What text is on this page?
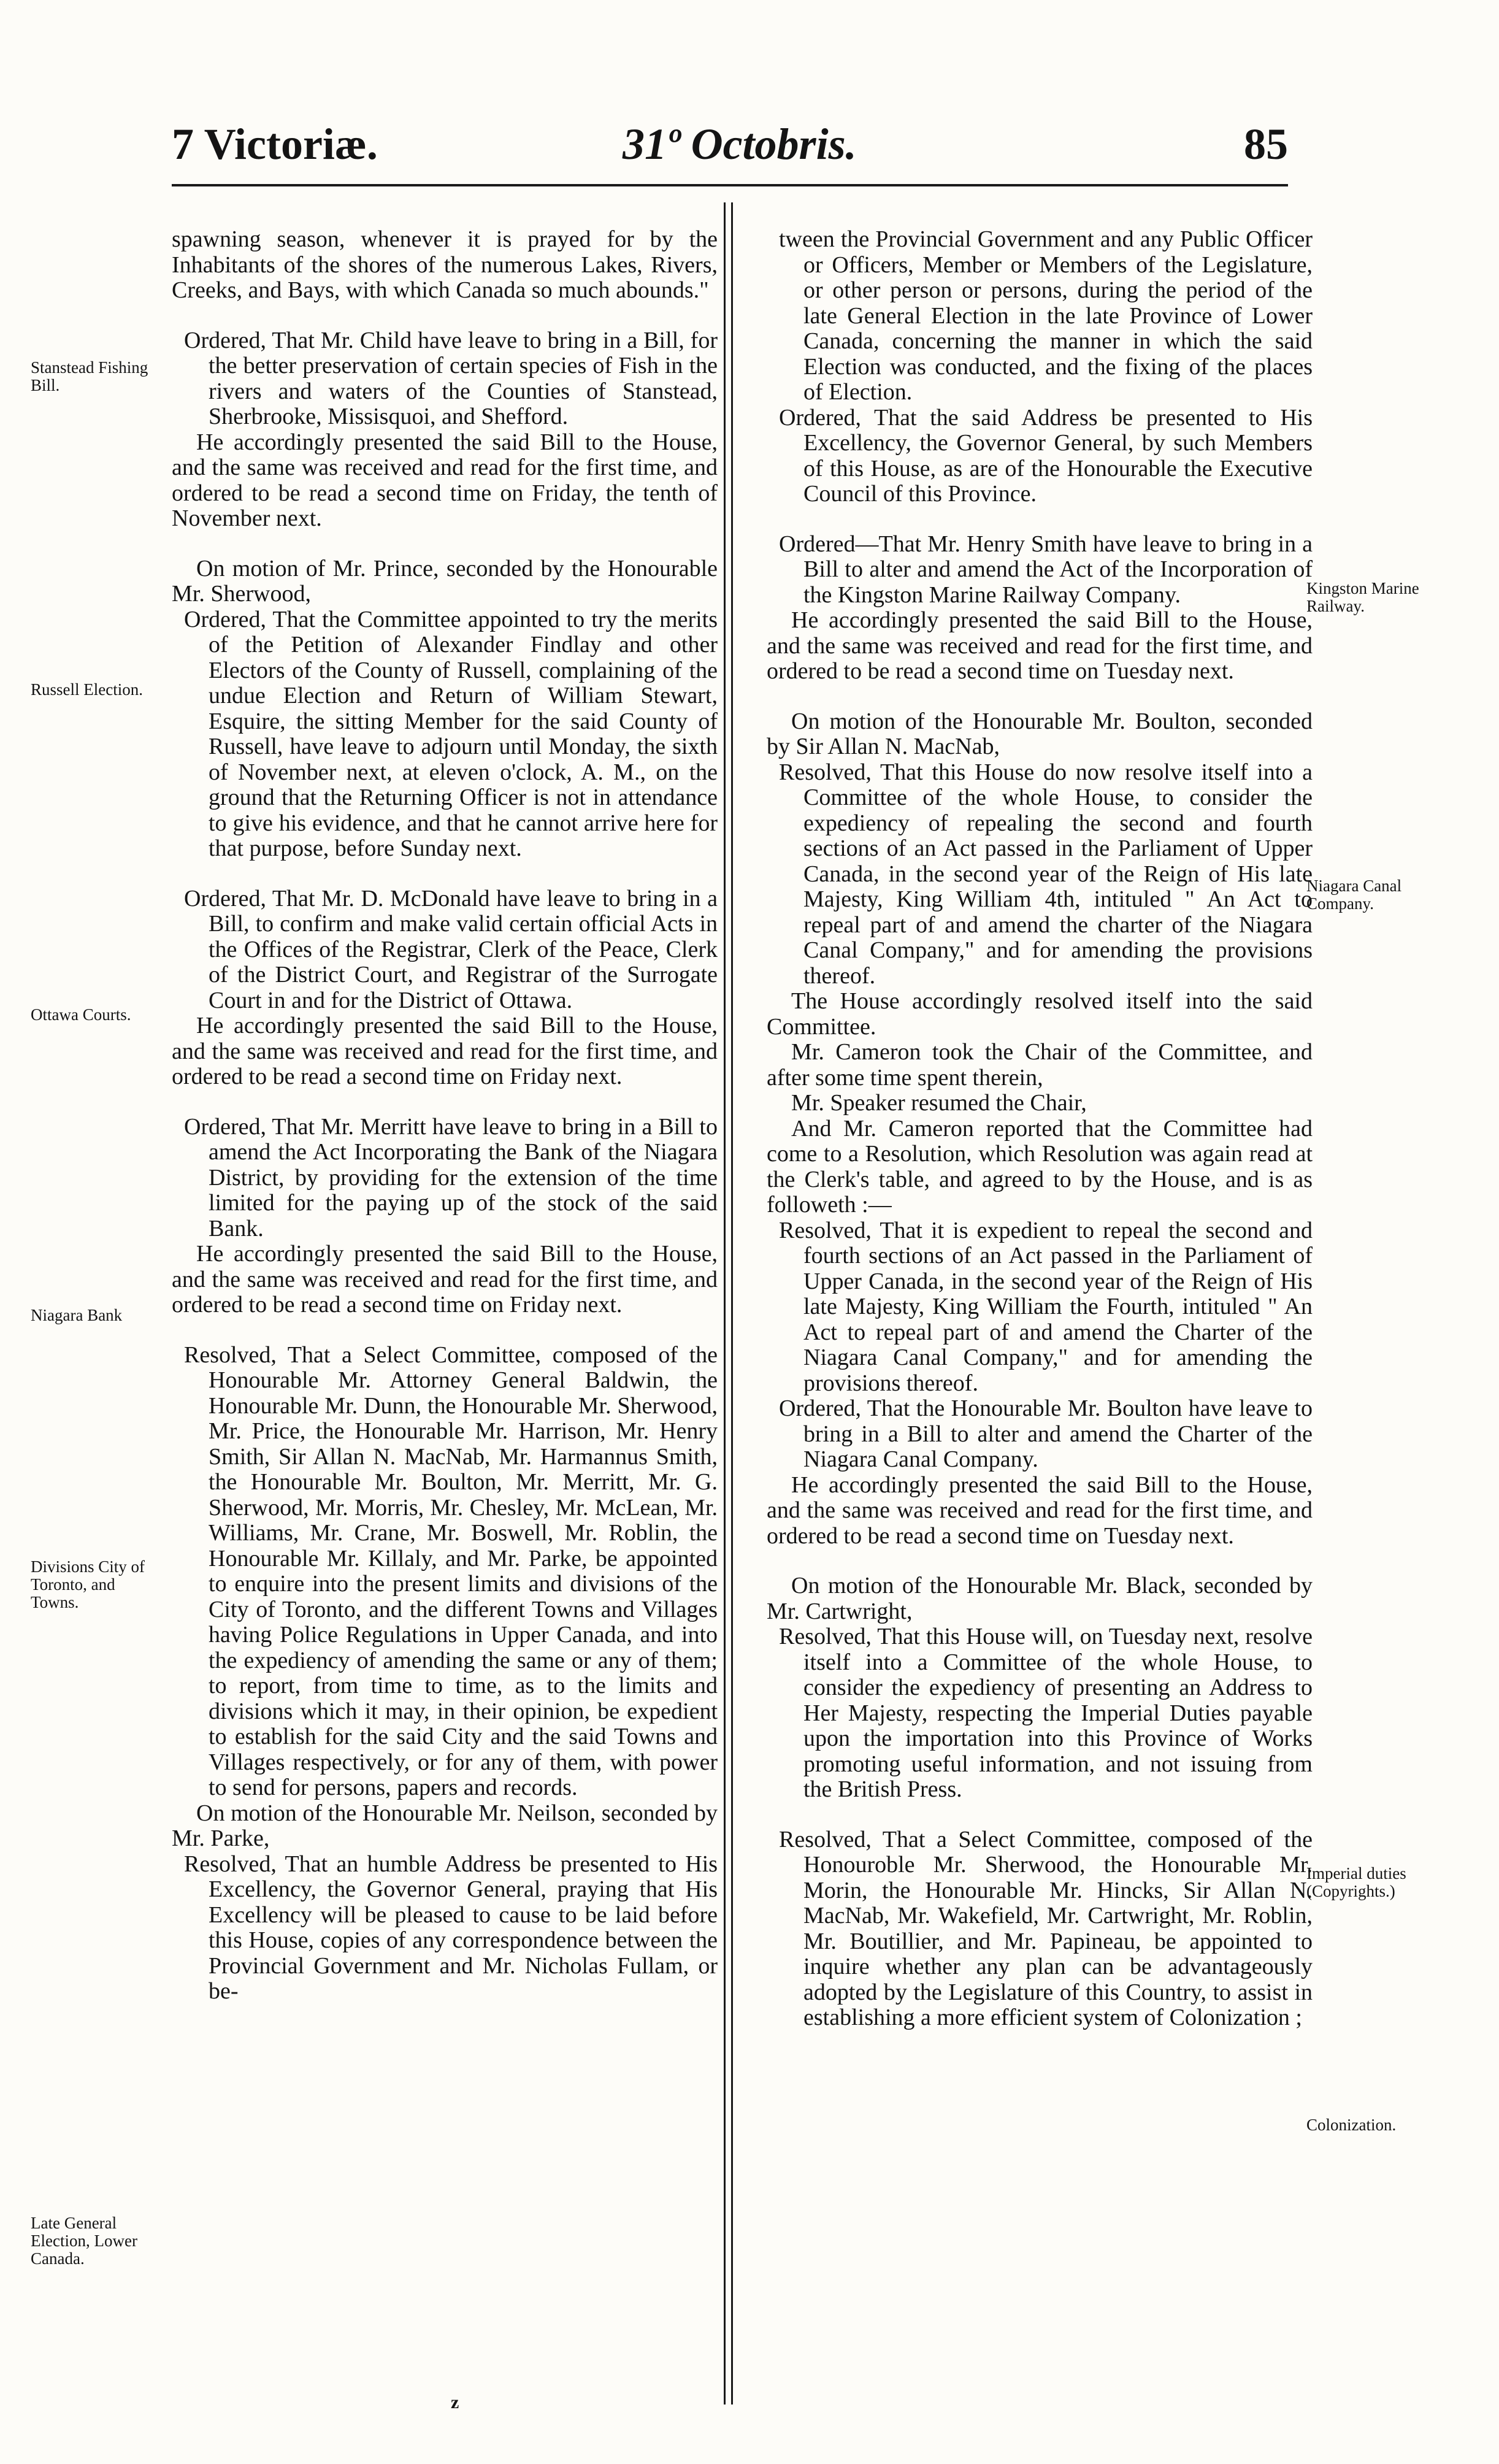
7 Victoriæ.	31º Octobris.	85
Stanstead Fishing Bill.
Russell Election.
Ottawa Courts.
Niagara Bank
Divisions City of Toronto, and Towns.
Late General Election, Lower Canada.
Kingston Marine Railway.
Niagara Canal Company.
Imperial duties (Copyrights.)
Colonization.

spawning season, whenever it is prayed for by the Inhabitants of the shores of the numerous Lakes, Rivers, Creeks, and Bays, with which Canada so much abounds."

Ordered, That Mr. Child have leave to bring in a Bill, for the better preservation of certain species of Fish in the rivers and waters of the Counties of Stanstead, Sherbrooke, Missisquoi, and Shefford.

He accordingly presented the said Bill to the House, and the same was received and read for the first time, and ordered to be read a second time on Friday, the tenth of November next.

On motion of Mr. Prince, seconded by the Honourable Mr. Sherwood,

Ordered, That the Committee appointed to try the merits of the Petition of Alexander Findlay and other Electors of the County of Russell, complaining of the undue Election and Return of William Stewart, Esquire, the sitting Member for the said County of Russell, have leave to adjourn until Monday, the sixth of November next, at eleven o'clock, A. M., on the ground that the Returning Officer is not in attendance to give his evidence, and that he cannot arrive here for that purpose, before Sunday next.

Ordered, That Mr. D. McDonald have leave to bring in a Bill, to confirm and make valid certain official Acts in the Offices of the Registrar, Clerk of the Peace, Clerk of the District Court, and Registrar of the Surrogate Court in and for the District of Ottawa.

He accordingly presented the said Bill to the House, and the same was received and read for the first time, and ordered to be read a second time on Friday next.

Ordered, That Mr. Merritt have leave to bring in a Bill to amend the Act Incorporating the Bank of the Niagara District, by providing for the extension of the time limited for the paying up of the stock of the said Bank.

He accordingly presented the said Bill to the House, and the same was received and read for the first time, and ordered to be read a second time on Friday next.

Resolved, That a Select Committee, composed of the Honourable Mr. Attorney General Baldwin, the Honourable Mr. Dunn, the Honourable Mr. Sherwood, Mr. Price, the Honourable Mr. Harrison, Mr. Henry Smith, Sir Allan N. MacNab, Mr. Harmannus Smith, the Honourable Mr. Boulton, Mr. Merritt, Mr. G. Sherwood, Mr. Morris, Mr. Chesley, Mr. McLean, Mr. Williams, Mr. Crane, Mr. Boswell, Mr. Roblin, the Honourable Mr. Killaly, and Mr. Parke, be appointed to enquire into the present limits and divisions of the City of Toronto, and the different Towns and Villages having Police Regulations in Upper Canada, and into the expediency of amending the same or any of them; to report, from time to time, as to the limits and divisions which it may, in their opinion, be expedient to establish for the said City and the said Towns and Villages respectively, or for any of them, with power to send for persons, papers and records.

On motion of the Honourable Mr. Neilson, seconded by Mr. Parke,

Resolved, That an humble Address be presented to His Excellency, the Governor General, praying that His Excellency will be pleased to cause to be laid before this House, copies of any correspondence between the Provincial Government and Mr. Nicholas Fullam, or be-

tween the Provincial Government and any Public Officer or Officers, Member or Members of the Legislature, or other person or persons, during the period of the late General Election in the late Province of Lower Canada, concerning the manner in which the said Election was conducted, and the fixing of the places of Election.

Ordered, That the said Address be presented to His Excellency, the Governor General, by such Members of this House, as are of the Honourable the Executive Council of this Province.

Ordered—That Mr. Henry Smith have leave to bring in a Bill to alter and amend the Act of the Incorporation of the Kingston Marine Railway Company.

He accordingly presented the said Bill to the House, and the same was received and read for the first time, and ordered to be read a second time on Tuesday next.

On motion of the Honourable Mr. Boulton, seconded by Sir Allan N. MacNab,

Resolved, That this House do now resolve itself into a Committee of the whole House, to consider the expediency of repealing the second and fourth sections of an Act passed in the Parliament of Upper Canada, in the second year of the Reign of His late Majesty, King William 4th, intituled " An Act to repeal part of and amend the charter of the Niagara Canal Company," and for amending the provisions thereof.

The House accordingly resolved itself into the said Committee.

Mr. Cameron took the Chair of the Committee, and after some time spent therein,

Mr. Speaker resumed the Chair,

And Mr. Cameron reported that the Committee had come to a Resolution, which Resolution was again read at the Clerk's table, and agreed to by the House, and is as followeth :—

Resolved, That it is expedient to repeal the second and fourth sections of an Act passed in the Parliament of Upper Canada, in the second year of the Reign of His late Majesty, King William the Fourth, intituled " An Act to repeal part of and amend the Charter of the Niagara Canal Company," and for amending the provisions thereof.

Ordered, That the Honourable Mr. Boulton have leave to bring in a Bill to alter and amend the Charter of the Niagara Canal Company.

He accordingly presented the said Bill to the House, and the same was received and read for the first time, and ordered to be read a second time on Tuesday next.

On motion of the Honourable Mr. Black, seconded by Mr. Cartwright,

Resolved, That this House will, on Tuesday next, resolve itself into a Committee of the whole House, to consider the expediency of presenting an Address to Her Majesty, respecting the Imperial Duties payable upon the importation into this Province of Works promoting useful information, and not issuing from the British Press.

Resolved, That a Select Committee, composed of the Honouroble Mr. Sherwood, the Honourable Mr. Morin, the Honourable Mr. Hincks, Sir Allan N. MacNab, Mr. Wakefield, Mr. Cartwright, Mr. Roblin, Mr. Boutillier, and Mr. Papineau, be appointed to inquire whether any plan can be advantageously adopted by the Legislature of this Country, to assist in establishing a more efficient system of Colonization ;

z
